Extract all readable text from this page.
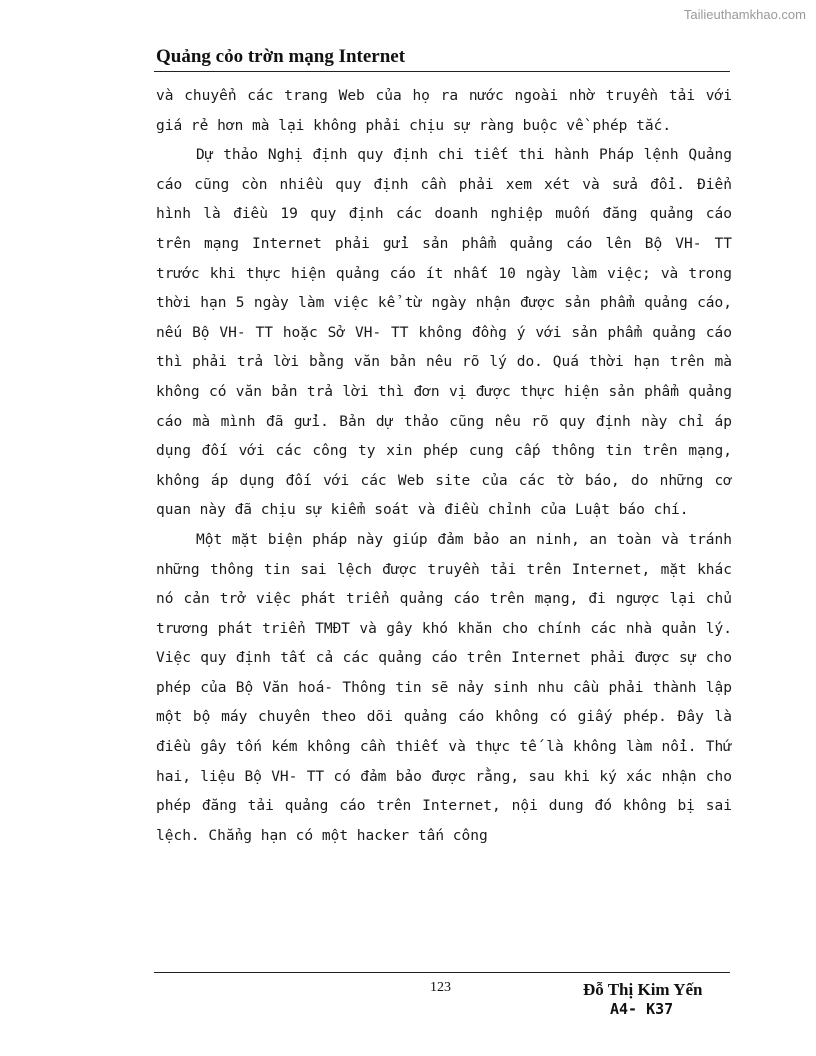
Tailieuthamkhao.com
Quảng cỏo trờn mạng Internet

và chuyển các trang Web của họ ra nước ngoài nhờ truyền tải với giá rẻ hơn mà lại không phải chịu sự ràng buộc về phép tắc.

Dự thảo Nghị định quy định chi tiết thi hành Pháp lệnh Quảng cáo cũng còn nhiều quy định cần phải xem xét và sửa đổi. Điển hình là điều 19 quy định các doanh nghiệp muốn đăng quảng cáo trên mạng Internet phải gửi sản phẩm quảng cáo lên Bộ VH- TT trước khi thực hiện quảng cáo ít nhất 10 ngày làm việc; và trong thời hạn 5 ngày làm việc kể từ ngày nhận được sản phẩm quảng cáo, nếu Bộ VH- TT hoặc Sở VH- TT không đồng ý với sản phẩm quảng cáo thì phải trả lời bằng văn bản nêu rõ lý do. Quá thời hạn trên mà không có văn bản trả lời thì đơn vị được thực hiện sản phẩm quảng cáo mà mình đã gửi. Bản dự thảo cũng nêu rõ quy định này chỉ áp dụng đối với các công ty xin phép cung cấp thông tin trên mạng, không áp dụng đối với các Web site của các tờ báo, do những cơ quan này đã chịu sự kiểm soát và điều chỉnh của Luật báo chí.

Một mặt biện pháp này giúp đảm bảo an ninh, an toàn và tránh những thông tin sai lệch được truyền tải trên Internet, mặt khác nó cản trở việc phát triển quảng cáo trên mạng, đi ngược lại chủ trương phát triển TMĐT và gây khó khăn cho chính các nhà quản lý. Việc quy định tất cả các quảng cáo trên Internet phải được sự cho phép của Bộ Văn hoá- Thông tin sẽ nảy sinh nhu cầu phải thành lập một bộ máy chuyên theo dõi quảng cáo không có giấy phép. Đây là điều gây tốn kém không cần thiết và thực tế là không làm nổi. Thứ hai, liệu Bộ VH- TT có đảm bảo được rằng, sau khi ký xác nhận cho phép đăng tải quảng cáo trên Internet, nội dung đó không bị sai lệch. Chẳng hạn có một hacker tấn công

123	Đỗ Thị Kim Yến
A4- K37
